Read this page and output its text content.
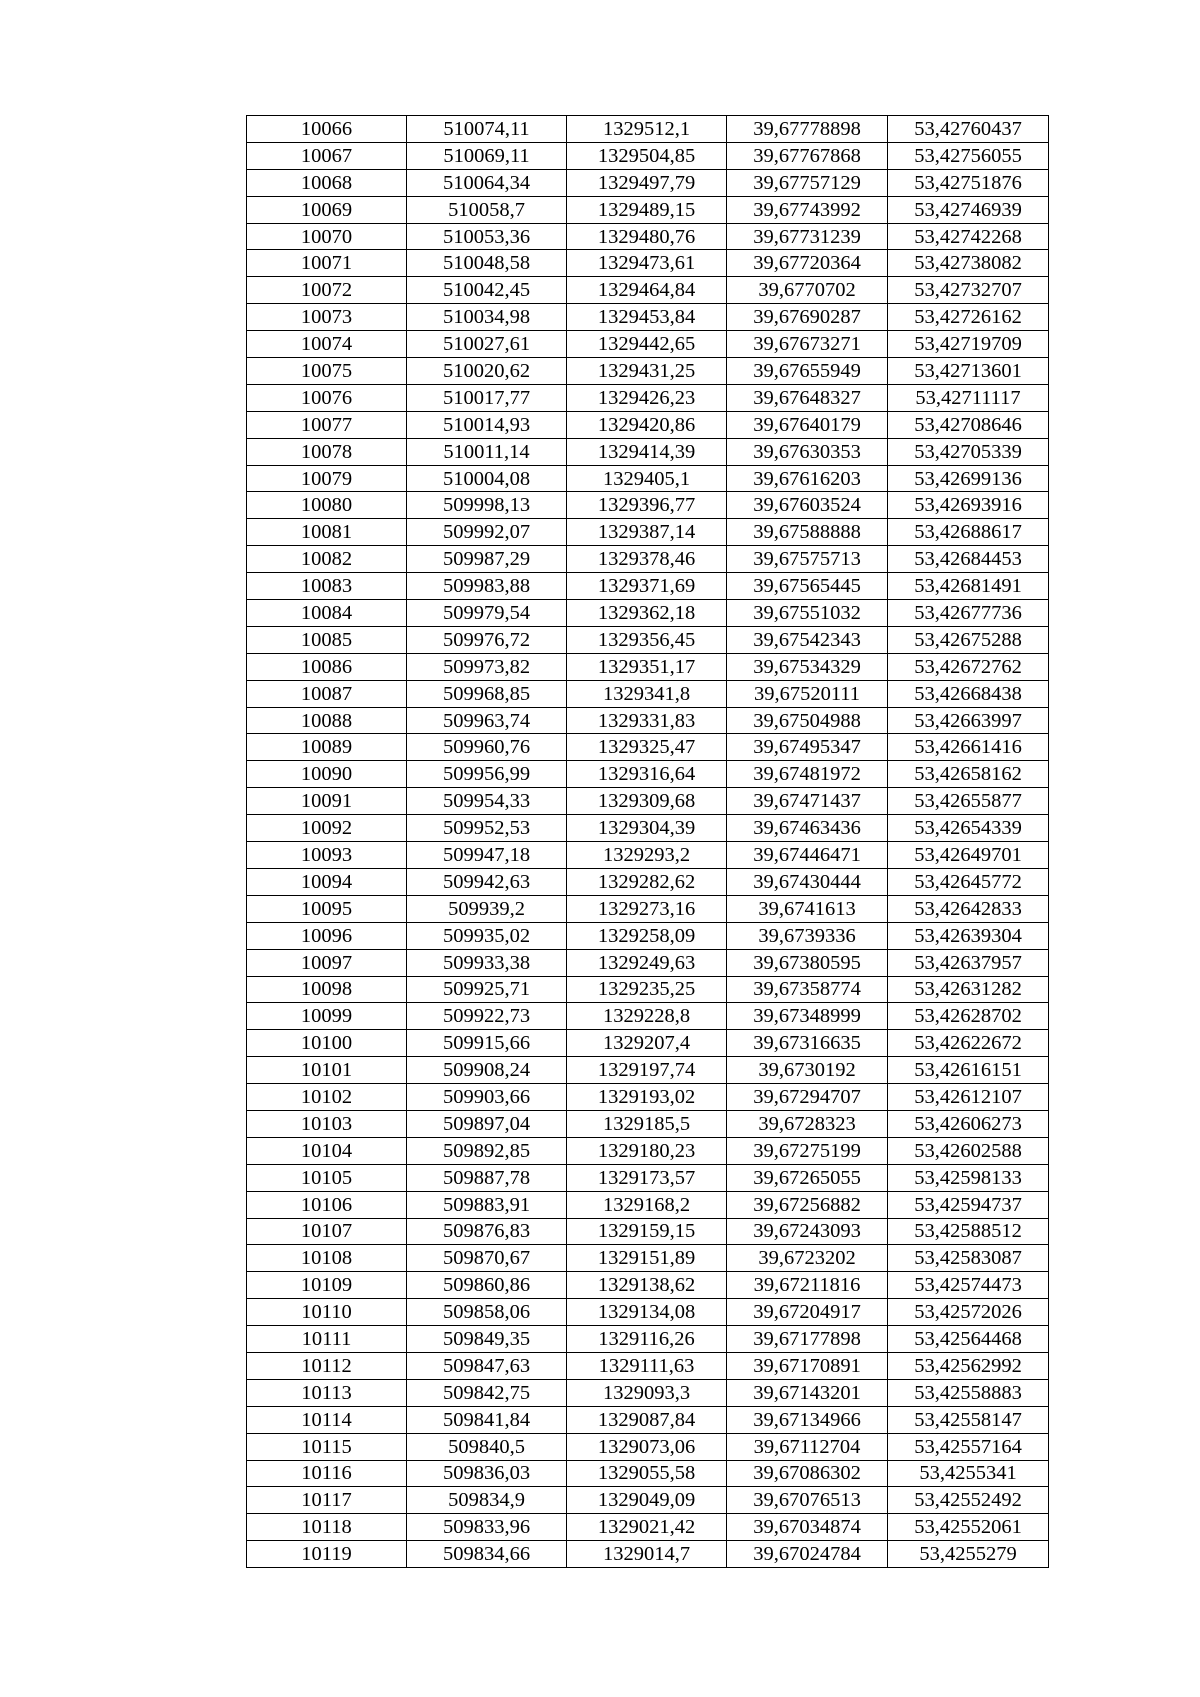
10066	510074,11	1329512,1	39,67778898	53,42760437
10067	510069,11	1329504,85	39,67767868	53,42756055
10068	510064,34	1329497,79	39,67757129	53,42751876
10069	510058,7	1329489,15	39,67743992	53,42746939
10070	510053,36	1329480,76	39,67731239	53,42742268
10071	510048,58	1329473,61	39,67720364	53,42738082
10072	510042,45	1329464,84	39,6770702	53,42732707
10073	510034,98	1329453,84	39,67690287	53,42726162
10074	510027,61	1329442,65	39,67673271	53,42719709
10075	510020,62	1329431,25	39,67655949	53,42713601
10076	510017,77	1329426,23	39,67648327	53,42711117
10077	510014,93	1329420,86	39,67640179	53,42708646
10078	510011,14	1329414,39	39,67630353	53,42705339
10079	510004,08	1329405,1	39,67616203	53,42699136
10080	509998,13	1329396,77	39,67603524	53,42693916
10081	509992,07	1329387,14	39,67588888	53,42688617
10082	509987,29	1329378,46	39,67575713	53,42684453
10083	509983,88	1329371,69	39,67565445	53,42681491
10084	509979,54	1329362,18	39,67551032	53,42677736
10085	509976,72	1329356,45	39,67542343	53,42675288
10086	509973,82	1329351,17	39,67534329	53,42672762
10087	509968,85	1329341,8	39,67520111	53,42668438
10088	509963,74	1329331,83	39,67504988	53,42663997
10089	509960,76	1329325,47	39,67495347	53,42661416
10090	509956,99	1329316,64	39,67481972	53,42658162
10091	509954,33	1329309,68	39,67471437	53,42655877
10092	509952,53	1329304,39	39,67463436	53,42654339
10093	509947,18	1329293,2	39,67446471	53,42649701
10094	509942,63	1329282,62	39,67430444	53,42645772
10095	509939,2	1329273,16	39,6741613	53,42642833
10096	509935,02	1329258,09	39,6739336	53,42639304
10097	509933,38	1329249,63	39,67380595	53,42637957
10098	509925,71	1329235,25	39,67358774	53,42631282
10099	509922,73	1329228,8	39,67348999	53,42628702
10100	509915,66	1329207,4	39,67316635	53,42622672
10101	509908,24	1329197,74	39,6730192	53,42616151
10102	509903,66	1329193,02	39,67294707	53,42612107
10103	509897,04	1329185,5	39,6728323	53,42606273
10104	509892,85	1329180,23	39,67275199	53,42602588
10105	509887,78	1329173,57	39,67265055	53,42598133
10106	509883,91	1329168,2	39,67256882	53,42594737
10107	509876,83	1329159,15	39,67243093	53,42588512
10108	509870,67	1329151,89	39,6723202	53,42583087
10109	509860,86	1329138,62	39,67211816	53,42574473
10110	509858,06	1329134,08	39,67204917	53,42572026
10111	509849,35	1329116,26	39,67177898	53,42564468
10112	509847,63	1329111,63	39,67170891	53,42562992
10113	509842,75	1329093,3	39,67143201	53,42558883
10114	509841,84	1329087,84	39,67134966	53,42558147
10115	509840,5	1329073,06	39,67112704	53,42557164
10116	509836,03	1329055,58	39,67086302	53,4255341
10117	509834,9	1329049,09	39,67076513	53,42552492
10118	509833,96	1329021,42	39,67034874	53,42552061
10119	509834,66	1329014,7	39,67024784	53,4255279
